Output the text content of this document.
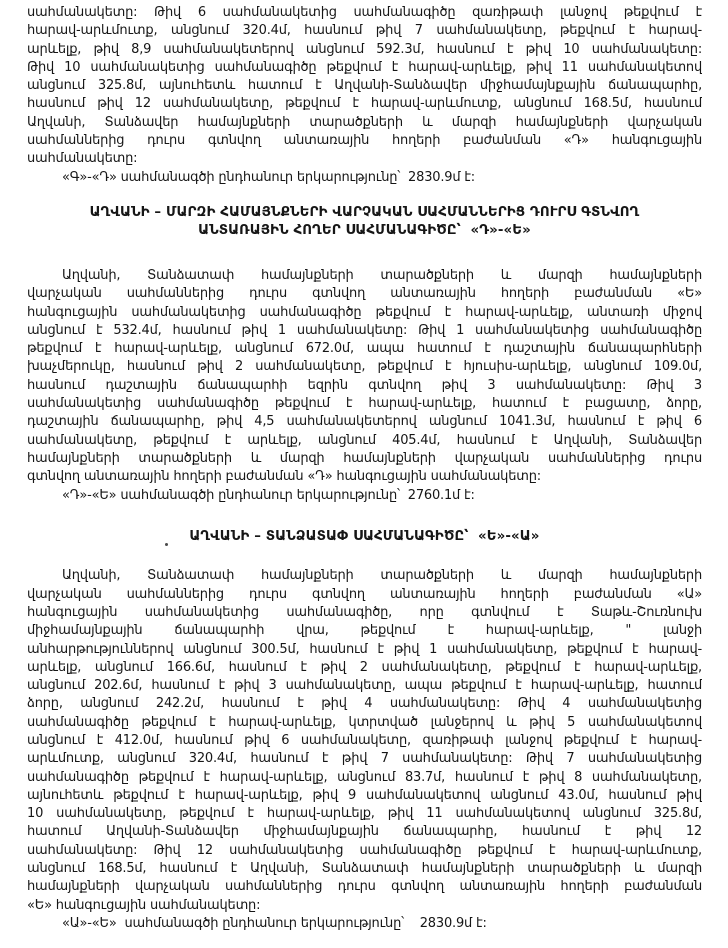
սահմանակետը: Թիվ 6 սահմանակետից սահմանագիծը զառիթափ լանջով թեքվում է
հարավ-արևմուտք, անցնում 320.4մ, հասնում թիվ 7 սահմանակետը, թեքվում է հարավ-
արևելք, թիվ 8,9 սահմանակետերով անցնում 592.3մ, հասնում է թիվ 10 սահմանակետը:
Թիվ 10 սահմանակետից սահմանագիծը թեքվում է հարավ-արևելք, թիվ 11 սահմանակետով
անցնում 325.8մ, այնուհետև հատում է Աղվանի-Տանձավեր միջհամայնքային ճանապարհը,
հասնում թիվ 12 սահմանակետը, թեքվում է հարավ-արևմուտք, անցնում 168.5մ, հասնում
Աղվանի, Տանձավեր համայնքների տարածքների և մարզի համայնքների վարչական
սահմաններից դուրս գտնվող անտառային հողերի բաժանման «Դ» հանգուցային
սահմանակետը:
«Գ»-«Դ» սահմանագծի ընդհանուր երկարությունը՝  2830.9մ է:
ԱՂՎԱՆԻ – ՄԱՐԶԻ ՀԱՄԱՅՆՔՆԵՐԻ ՎԱՐՉԱԿԱՆ ՍԱՀՄԱՆՆԵՐԻՑ ԴՈՒՐՍ ԳՏՆՎՈՂ
ԱՆՏԱՌԱՅԻՆ ՀՈՂԵՐ ՍԱՀՄԱՆԱԳԻԾԸ՝  «Դ»-«Ե»
Աղվանի, Տանձատափ համայնքների տարածքների և մարզի համայնքների
վարչական սահմաններից դուրս գտնվող անտառային հողերի բաժանման «Ե»
հանգուցային սահմանակետից սահմանագիծը թեքվում է հարավ-արևելք, անտառի միջով
անցնում է 532.4մ, հասնում թիվ 1 սահմանակետը: Թիվ 1 սահմանակետից սահմանագիծը
թեքվում է հարավ-արևելք, անցնում 672.0մ, ապա հատում է դաշտային ճանապարհների
խաչմերուկը, հասնում թիվ 2 սահմանակետը, թեքվում է հյուսիս-արևելք, անցնում 109.0մ,
հասնում դաշտային ճանապարհի եզրին գտնվող թիվ 3 սահմանակետը: Թիվ 3
սահմանակետից սահմանագիծը թեքվում է հարավ-արևելք, հատում է բացատը, ձորը,
դաշտային ճանապարհը, թիվ 4,5 սահմանակետերով անցնում 1041.3մ, հասնում է թիվ 6
սահմանակետը, թեքվում է արևելք, անցնում 405.4մ, հասնում է Աղվանի, Տանձավեր
համայնքների տարածքների և մարզի համայնքների վարչական սահմաններից դուրս
գտնվող անտառային հողերի բաժանման «Դ» հանգուցային սահմանակետը:
«Դ»-«Ե» սահմանագծի ընդհանուր երկարությունը՝  2760.1մ է:
ԱՂՎԱՆԻ – ՏԱՆՁԱՏԱՓ ՍԱՀՄԱՆԱԳԻԾԸ՝  «Ե»-«Ա»
Աղվանի, Տանձատափ համայնքների տարածքների և մարզի համայնքների
վարչական սահմաններից դուրս գտնվող անտառային հողերի բաժանման «Ա»
հանգուցային սահմանակետից սահմանագիծը, որը գտնվում է Տաթև-Շուռնուխ
միջհամայնքային ճանապարհի վրա, թեքվում է հարավ-արևելք, " լանջի
անհարթություններով անցնում 300.5մ, հասնում է թիվ 1 սահմանակետը, թեքվում է հարավ-
արևելք, անցնում 166.6մ, հասնում է թիվ 2 սահմանակետը, թեքվում է հարավ-արևելք,
անցնում 202.6մ, հասնում է թիվ 3 սահմանակետը, ապա թեքվում է հարավ-արևելք, հատում
ձորը, անցնում 242.2մ, հասնում է թիվ 4 սահմանակետը: Թիվ 4 սահմանակետից
սահմանագիծը թեքվում է հարավ-արևելք, կտրտված լանջերով և թիվ 5 սահմանակետով
անցնում է 412.0մ, հասնում թիվ 6 սահմանակետը, զառիթափ լանջով թեքվում է հարավ-
արևմուտք, անցնում 320.4մ, հասնում է թիվ 7 սահմանակետը: Թիվ 7 սահմանակետից
սահմանագիծը թեքվում է հարավ-արևելք, անցնում 83.7մ, հասնում է թիվ 8 սահմանակետը,
այնուհետև թեքվում է հարավ-արևելք, թիվ 9 սահմանակետով անցնում 43.0մ, հասնում թիվ
10 սահմանակետը, թեքվում է հարավ-արևելք, թիվ 11 սահմանակետով անցնում 325.8մ,
հատում Աղվանի-Տանձավեր միջհամայնքային ճանապարհը, հասնում է թիվ 12
սահմանակետը: Թիվ 12 սահմանակետից սահմանագիծը թեքվում է հարավ-արևմուտք,
անցնում 168.5մ, հասնում է Աղվանի, Տանձատափ համայնքների տարածքների և մարզի
համայնքների վարչական սահմաններից դուրս գտնվող անտառային հողերի բաժանման
«Ե» հանգուցային սահմանակետը:
«Ա»-«Ե»  սահմանագծի ընդհանուր երկարությունը՝    2830.9մ է:
